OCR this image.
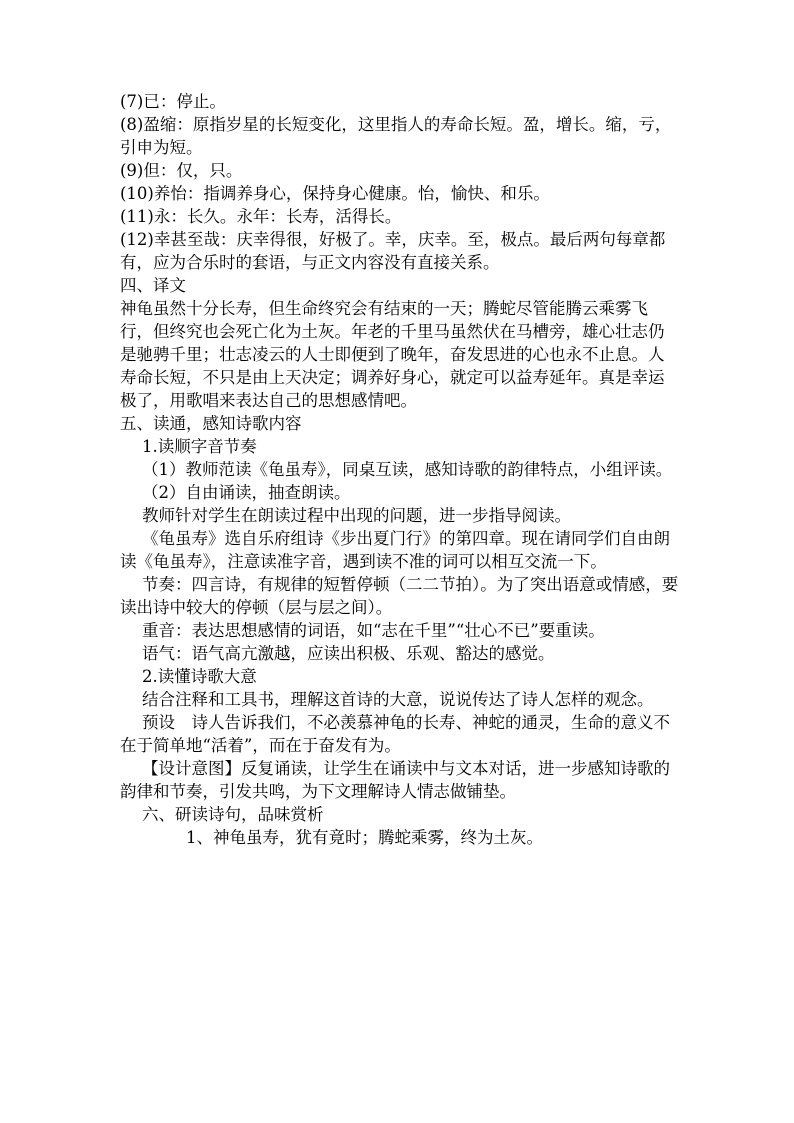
(7)已：停止。
(8)盈缩：原指岁星的长短变化，这里指人的寿命长短。盈，增长。缩，亏，引申为短。
(9)但：仅，只。
(10)养怡：指调养身心，保持身心健康。怡，愉快、和乐。
(11)永：长久。永年：长寿，活得长。
(12)幸甚至哉：庆幸得很，好极了。幸，庆幸。至，极点。最后两句每章都有，应为合乐时的套语，与正文内容没有直接关系。
四、译文
神龟虽然十分长寿，但生命终究会有结束的一天；腾蛇尽管能腾云乘雾飞行，但终究也会死亡化为土灰。年老的千里马虽然伏在马槽旁，雄心壮志仍是驰骋千里；壮志凌云的人士即便到了晚年，奋发思进的心也永不止息。人寿命长短，不只是由上天决定；调养好身心，就定可以益寿延年。真是幸运极了，用歌唱来表达自己的思想感情吧。
五、读通，感知诗歌内容
1.读顺字音节奏
（1）教师范读《龟虽寿》，同桌互读，感知诗歌的韵律特点，小组评读。
（2）自由诵读，抽查朗读。
教师针对学生在朗读过程中出现的问题，进一步指导阅读。
《龟虽寿》选自乐府组诗《步出夏门行》的第四章。现在请同学们自由朗读《龟虽寿》，注意读准字音，遇到读不准的词可以相互交流一下。
节奏：四言诗，有规律的短暂停顿（二二节拍）。为了突出语意或情感，要读出诗中较大的停顿（层与层之间）。
重音：表达思想感情的词语，如“志在千里”“壮心不已”要重读。
语气：语气高亢激越，应读出积极、乐观、豁达的感觉。
2.读懂诗歌大意
结合注释和工具书，理解这首诗的大意，说说传达了诗人怎样的观念。
预设　诗人告诉我们，不必羡慕神龟的长寿、神蛇的通灵，生命的意义不在于简单地“活着”，而在于奋发有为。
【设计意图】反复诵读，让学生在诵读中与文本对话，进一步感知诗歌的韵律和节奏，引发共鸣，为下文理解诗人情志做铺垫。
六、研读诗句，品味赏析
1、神龟虽寿，犹有竟时；腾蛇乘雾，终为土灰。
